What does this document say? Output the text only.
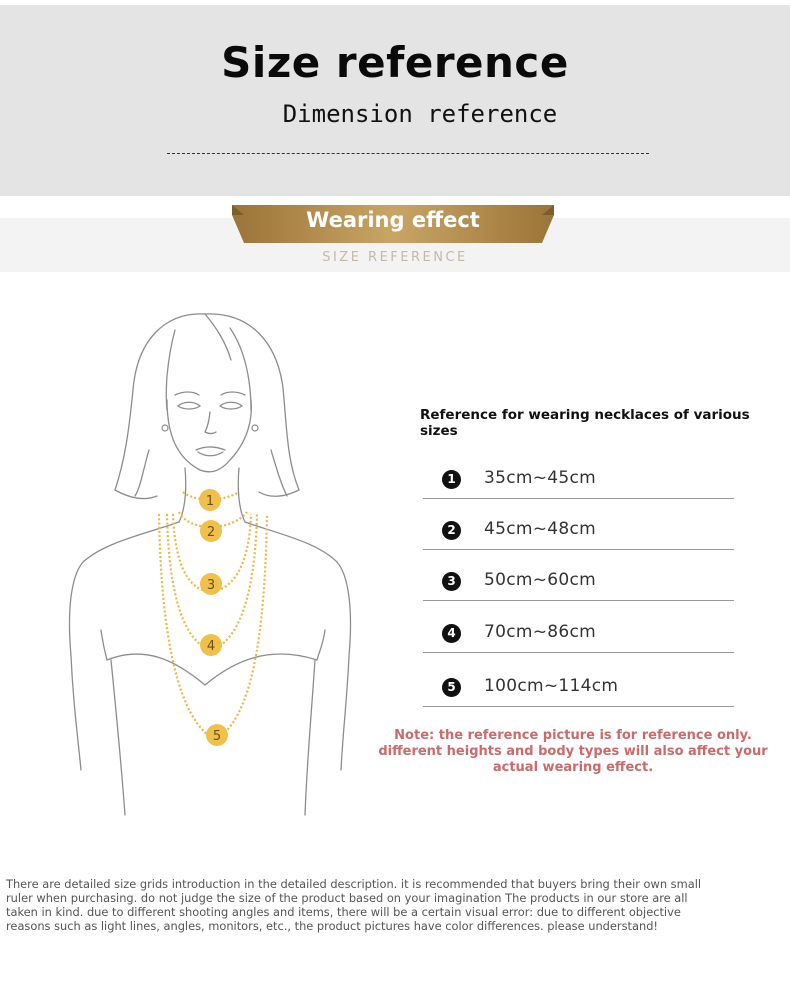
Size reference
Dimension reference
Wearing effect
SIZE REFERENCE
1
2
3
4
5
Reference for wearing necklaces of various sizes
1	35cm~45cm
2	45cm~48cm
3	50cm~60cm
4	70cm~86cm
5	100cm~114cm
Note: the reference picture is for reference only.
different heights and body types will also affect your
actual wearing effect.
There are detailed size grids introduction in the detailed description. it is recommended that buyers bring their own small
ruler when purchasing. do not judge the size of the product based on your imagination The products in our store are all
taken in kind. due to different shooting angles and items, there will be a certain visual error: due to different objective
reasons such as light lines, angles, monitors, etc., the product pictures have color differences. please understand!
